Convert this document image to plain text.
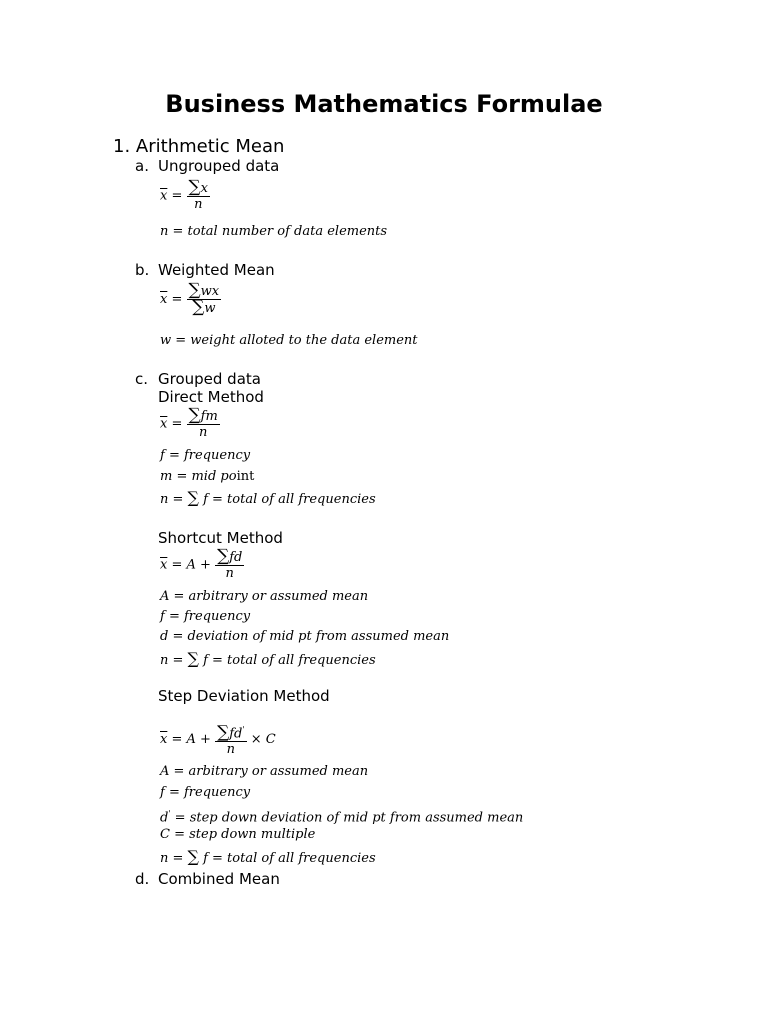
Business Mathematics Formulae
1. Arithmetic Mean
a. Ungrouped data
$\overline{x} = \frac{\sum x}{n}$
n = total number of data elements
b. Weighted Mean
$\overline{x} = \frac{\sum wx}{\sum w}$
w = weight alloted to the data element
c. Grouped data
Direct Method
$\overline{x} = \frac{\sum fm}{n}$
f = frequency
m = mid point
n = ∑ f = total of all frequencies
Shortcut Method
$\overline{x} = A + \frac{\sum fd}{n}$
A = arbitrary or assumed mean
f = frequency
d = deviation of mid pt from assumed mean
n = ∑ f = total of all frequencies
Step Deviation Method
$\overline{x} = A + \frac{\sum fd'}{n} \times C$
A = arbitrary or assumed mean
f = frequency
d' = step down deviation of mid pt from assumed mean
C = step down multiple
n = ∑ f = total of all frequencies
d. Combined Mean
